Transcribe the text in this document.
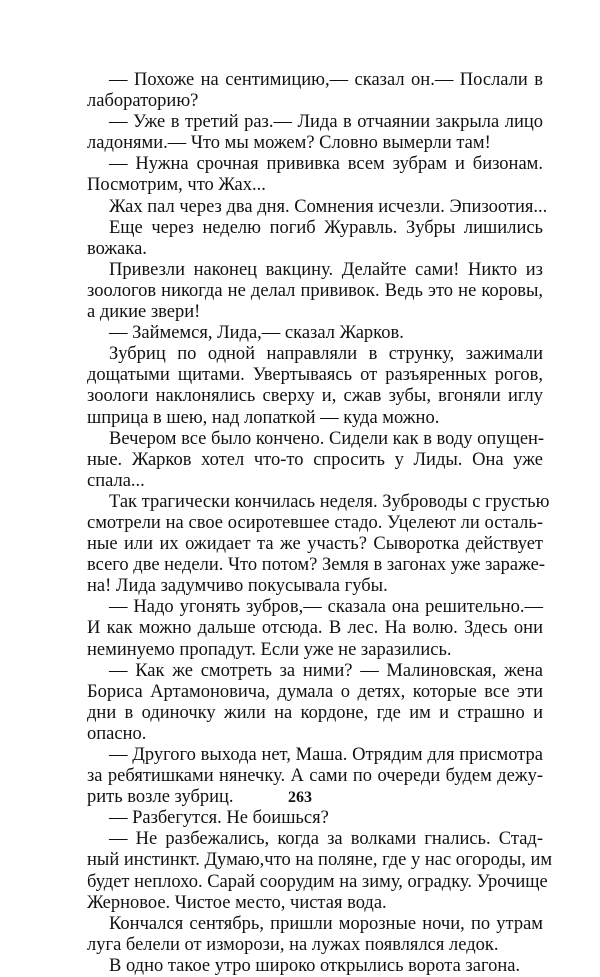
— Похоже на сентимицию,— сказал он.— Послали в
лабораторию?
— Уже в третий раз.— Лида в отчаянии закрыла лицо
ладонями.— Что мы можем? Словно вымерли там!
— Нужна срочная прививка всем зубрам и бизонам.
Посмотрим, что Жах...
Жах пал через два дня. Сомнения исчезли. Эпизоотия...
Еще через неделю погиб Журавль. Зубры лишились
вожака.
Привезли наконец вакцину. Делайте сами! Никто из
зоологов никогда не делал прививок. Ведь это не коровы,
а дикие звери!
— Займемся, Лида,— сказал Жарков.
Зубриц по одной направляли в струнку, зажимали
дощатыми щитами. Увертываясь от разъяренных рогов,
зоологи наклонялись сверху и, сжав зубы, вгоняли иглу
шприца в шею, над лопаткой — куда можно.
Вечером все было кончено. Сидели как в воду опущен-
ные. Жарков хотел что-то спросить у Лиды. Она уже
спала...
Так трагически кончилась неделя. Зуброводы с грустью
смотрели на свое осиротевшее стадо. Уцелеют ли осталь-
ные или их ожидает та же участь? Сыворотка действует
всего две недели. Что потом? Земля в загонах уже зараже-
на! Лида задумчиво покусывала губы.
— Надо угонять зубров,— сказала она решительно.—
И как можно дальше отсюда. В лес. На волю. Здесь они
неминуемо пропадут. Если уже не заразились.
— Как же смотреть за ними? — Малиновская, жена
Бориса Артамоновича, думала о детях, которые все эти
дни в одиночку жили на кордоне, где им и страшно и
опасно.
— Другого выхода нет, Маша. Отрядим для присмотра
за ребятишками нянечку. А сами по очереди будем дежу-
рить возле зубриц.
— Разбегутся. Не боишься?
— Не разбежались, когда за волками гнались. Стад-
ный инстинкт. Думаю,что на поляне, где у нас огороды, им
будет неплохо. Сарай соорудим на зиму, оградку. Урочище
Жерновое. Чистое место, чистая вода.
Кончался сентябрь, пришли морозные ночи, по утрам
луга белели от изморози, на лужах появлялся ледок.
В одно такое утро широко открылись ворота загона.
263
